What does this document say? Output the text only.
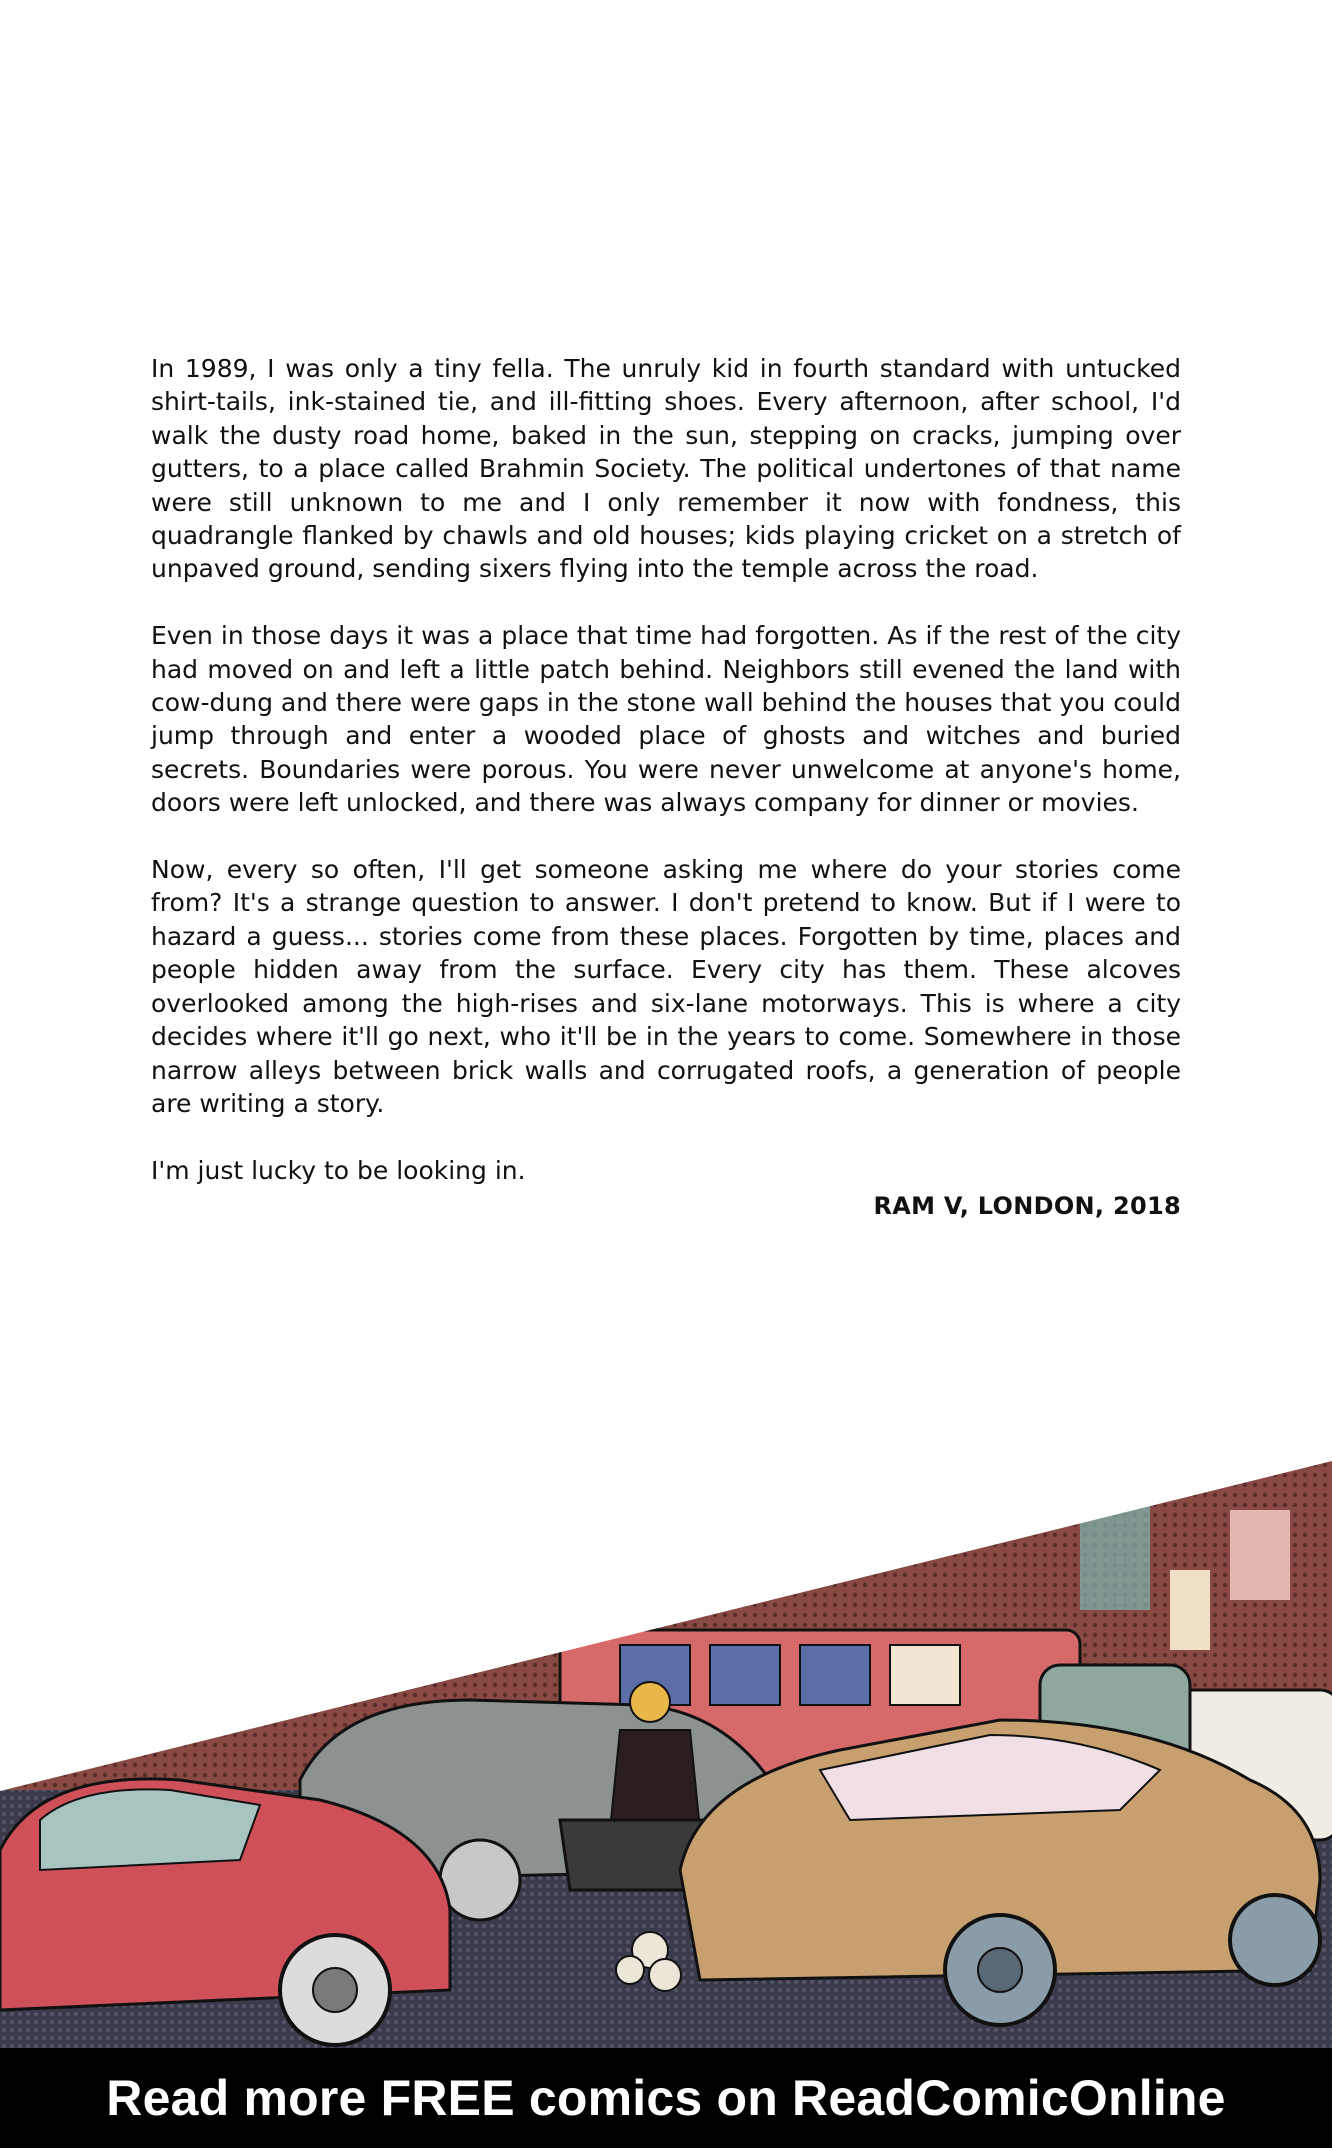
In 1989, I was only a tiny fella. The unruly kid in fourth standard with untucked shirt-tails, ink-stained tie, and ill-fitting shoes. Every afternoon, after school, I'd walk the dusty road home, baked in the sun, stepping on cracks, jumping over gutters, to a place called Brahmin Society. The political undertones of that name were still unknown to me and I only remember it now with fondness, this quadrangle flanked by chawls and old houses; kids playing cricket on a stretch of unpaved ground, sending sixers flying into the temple across the road.

Even in those days it was a place that time had forgotten. As if the rest of the city had moved on and left a little patch behind. Neighbors still evened the land with cow-dung and there were gaps in the stone wall behind the houses that you could jump through and enter a wooded place of ghosts and witches and buried secrets. Boundaries were porous. You were never unwelcome at anyone's home, doors were left unlocked, and there was always company for dinner or movies.

Now, every so often, I'll get someone asking me where do your stories come from? It's a strange question to answer. I don't pretend to know. But if I were to hazard a guess... stories come from these places. Forgotten by time, places and people hidden away from the surface. Every city has them. These alcoves overlooked among the high-rises and six-lane motorways. This is where a city decides where it'll go next, who it'll be in the years to come. Somewhere in those narrow alleys between brick walls and corrugated roofs, a generation of people are writing a story.

I'm just lucky to be looking in.

RAM V, LONDON, 2018
Read more FREE comics on ReadComicOnline
